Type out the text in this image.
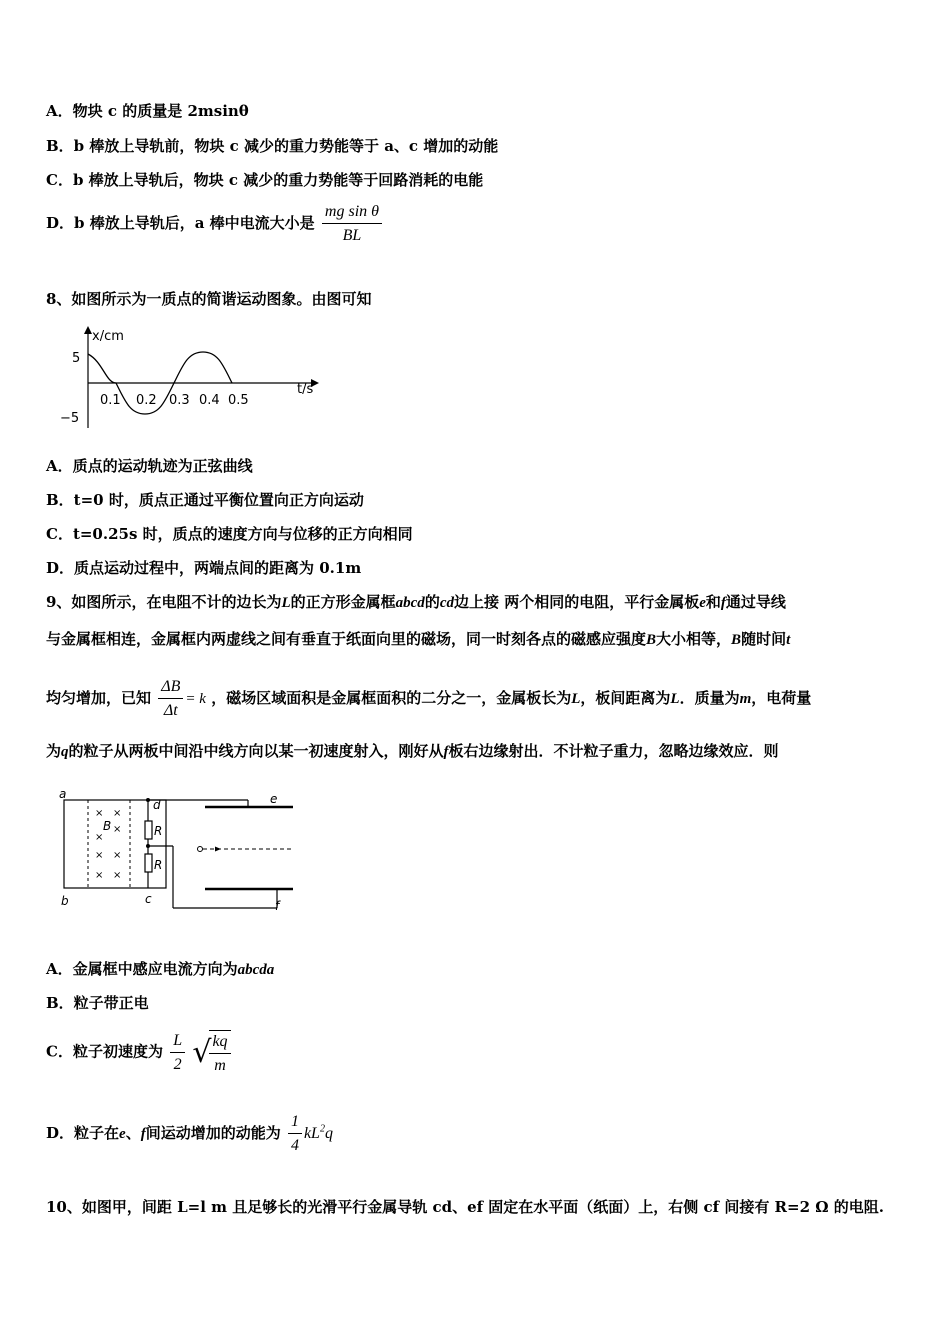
A．物块 c 的质量是 2msinθ
B．b 棒放上导轨前，物块 c 减少的重力势能等于 a、c 增加的动能
C．b 棒放上导轨后，物块 c 减少的重力势能等于回路消耗的电能
D．b 棒放上导轨后，a 棒中电流大小是 $\frac{\text{mg sin θ}}{BL}$
8、如图所示为一质点的简谐运动图象。由图可知
x/cm
t/s
5
−5
0.1 0.2 0.3 0.4 0.5
A．质点的运动轨迹为正弦曲线
B．t=0 时，质点正通过平衡位置向正方向运动
C．t=0.25s 时，质点的速度方向与位移的正方向相同
D．质点运动过程中，两端点间的距离为 0.1m
9、如图所示，在电阻不计的边长为L的正方形金属框abcd的cd边上接 两个相同的电阻，平行金属板e和f通过导线
与金属框相连，金属框内两虚线之间有垂直于纸面向里的磁场，同一时刻各点的磁感应强度B大小相等，B随时间t
均匀增加，已知 $\frac{\Delta B}{\Delta t} = k$ ，磁场区域面积是金属框面积的二分之一，金属板长为L，板间距离为L．质量为m，电荷量
为q的粒子从两板中间沿中线方向以某一初速度射入，刚好从f板右边缘射出．不计粒子重力，忽略边缘效应．则
× ×
×
×
× ×
× ×
B
a
b	c
d
R
R
e
f
A．金属框中感应电流方向为abcda
B．粒子带正电
C．粒子初速度为 $\frac{L}{2}$ √
$\frac{kq}{m}$
D．粒子在e、f间运动增加的动能为 $\frac{1}{4} kL^2q$
10、如图甲，间距 L=l m 且足够长的光滑平行金属导轨 cd、ef 固定在水平面（纸面）上，右侧 cf 间接有 R=2 Ω 的电阻.
